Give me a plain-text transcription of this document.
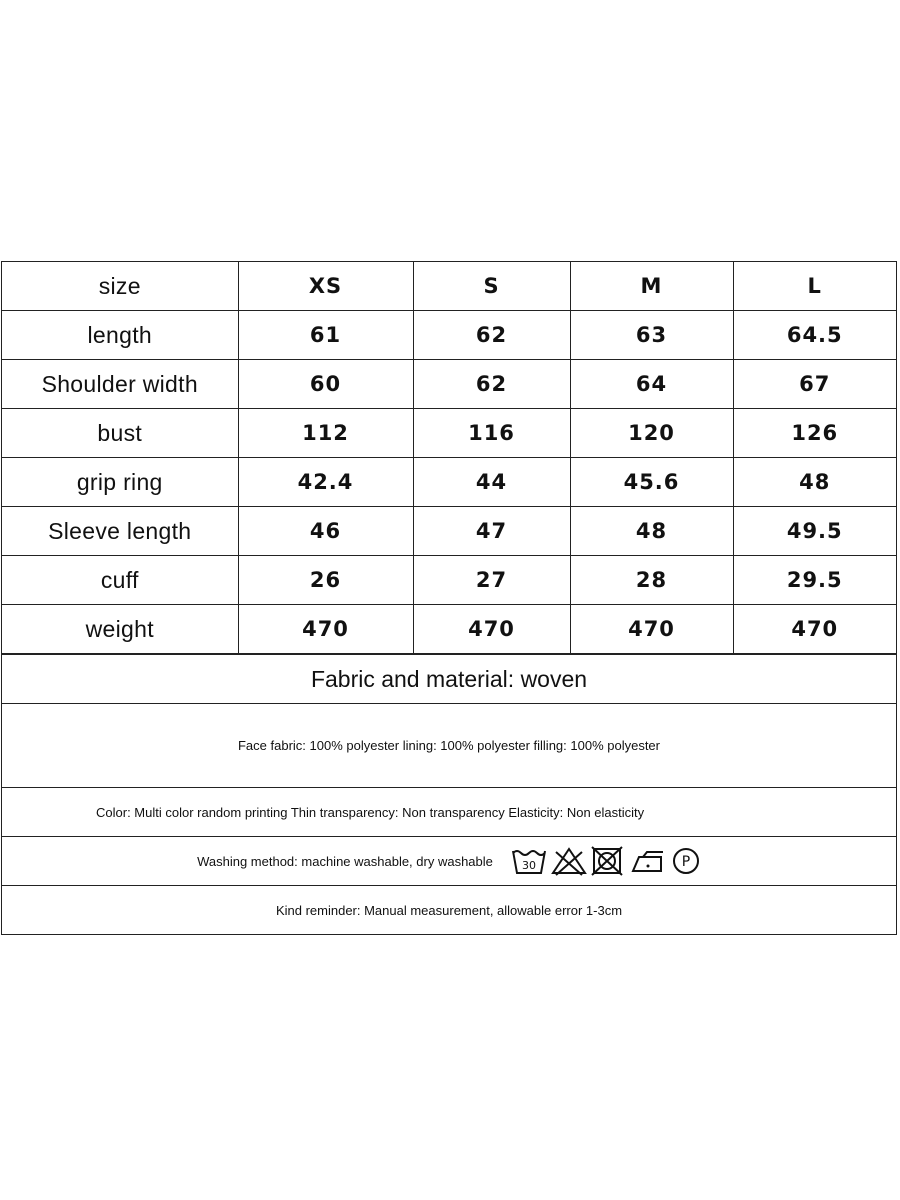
size	XS	S	M	L
length	61	62	63	64.5
Shoulder width	60	62	64	67
bust	112	116	120	126
grip ring	42.4	44	45.6	48
Sleeve length	46	47	48	49.5
cuff	26	27	28	29.5
weight	470	470	470	470
Fabric and material: woven
Face fabric: 100% polyester lining: 100% polyester filling: 100% polyester
Color: Multi color random printing Thin transparency: Non transparency Elasticity: Non elasticity
Washing method: machine washable, dry washable	30	P
Kind reminder: Manual measurement, allowable error 1-3cm
